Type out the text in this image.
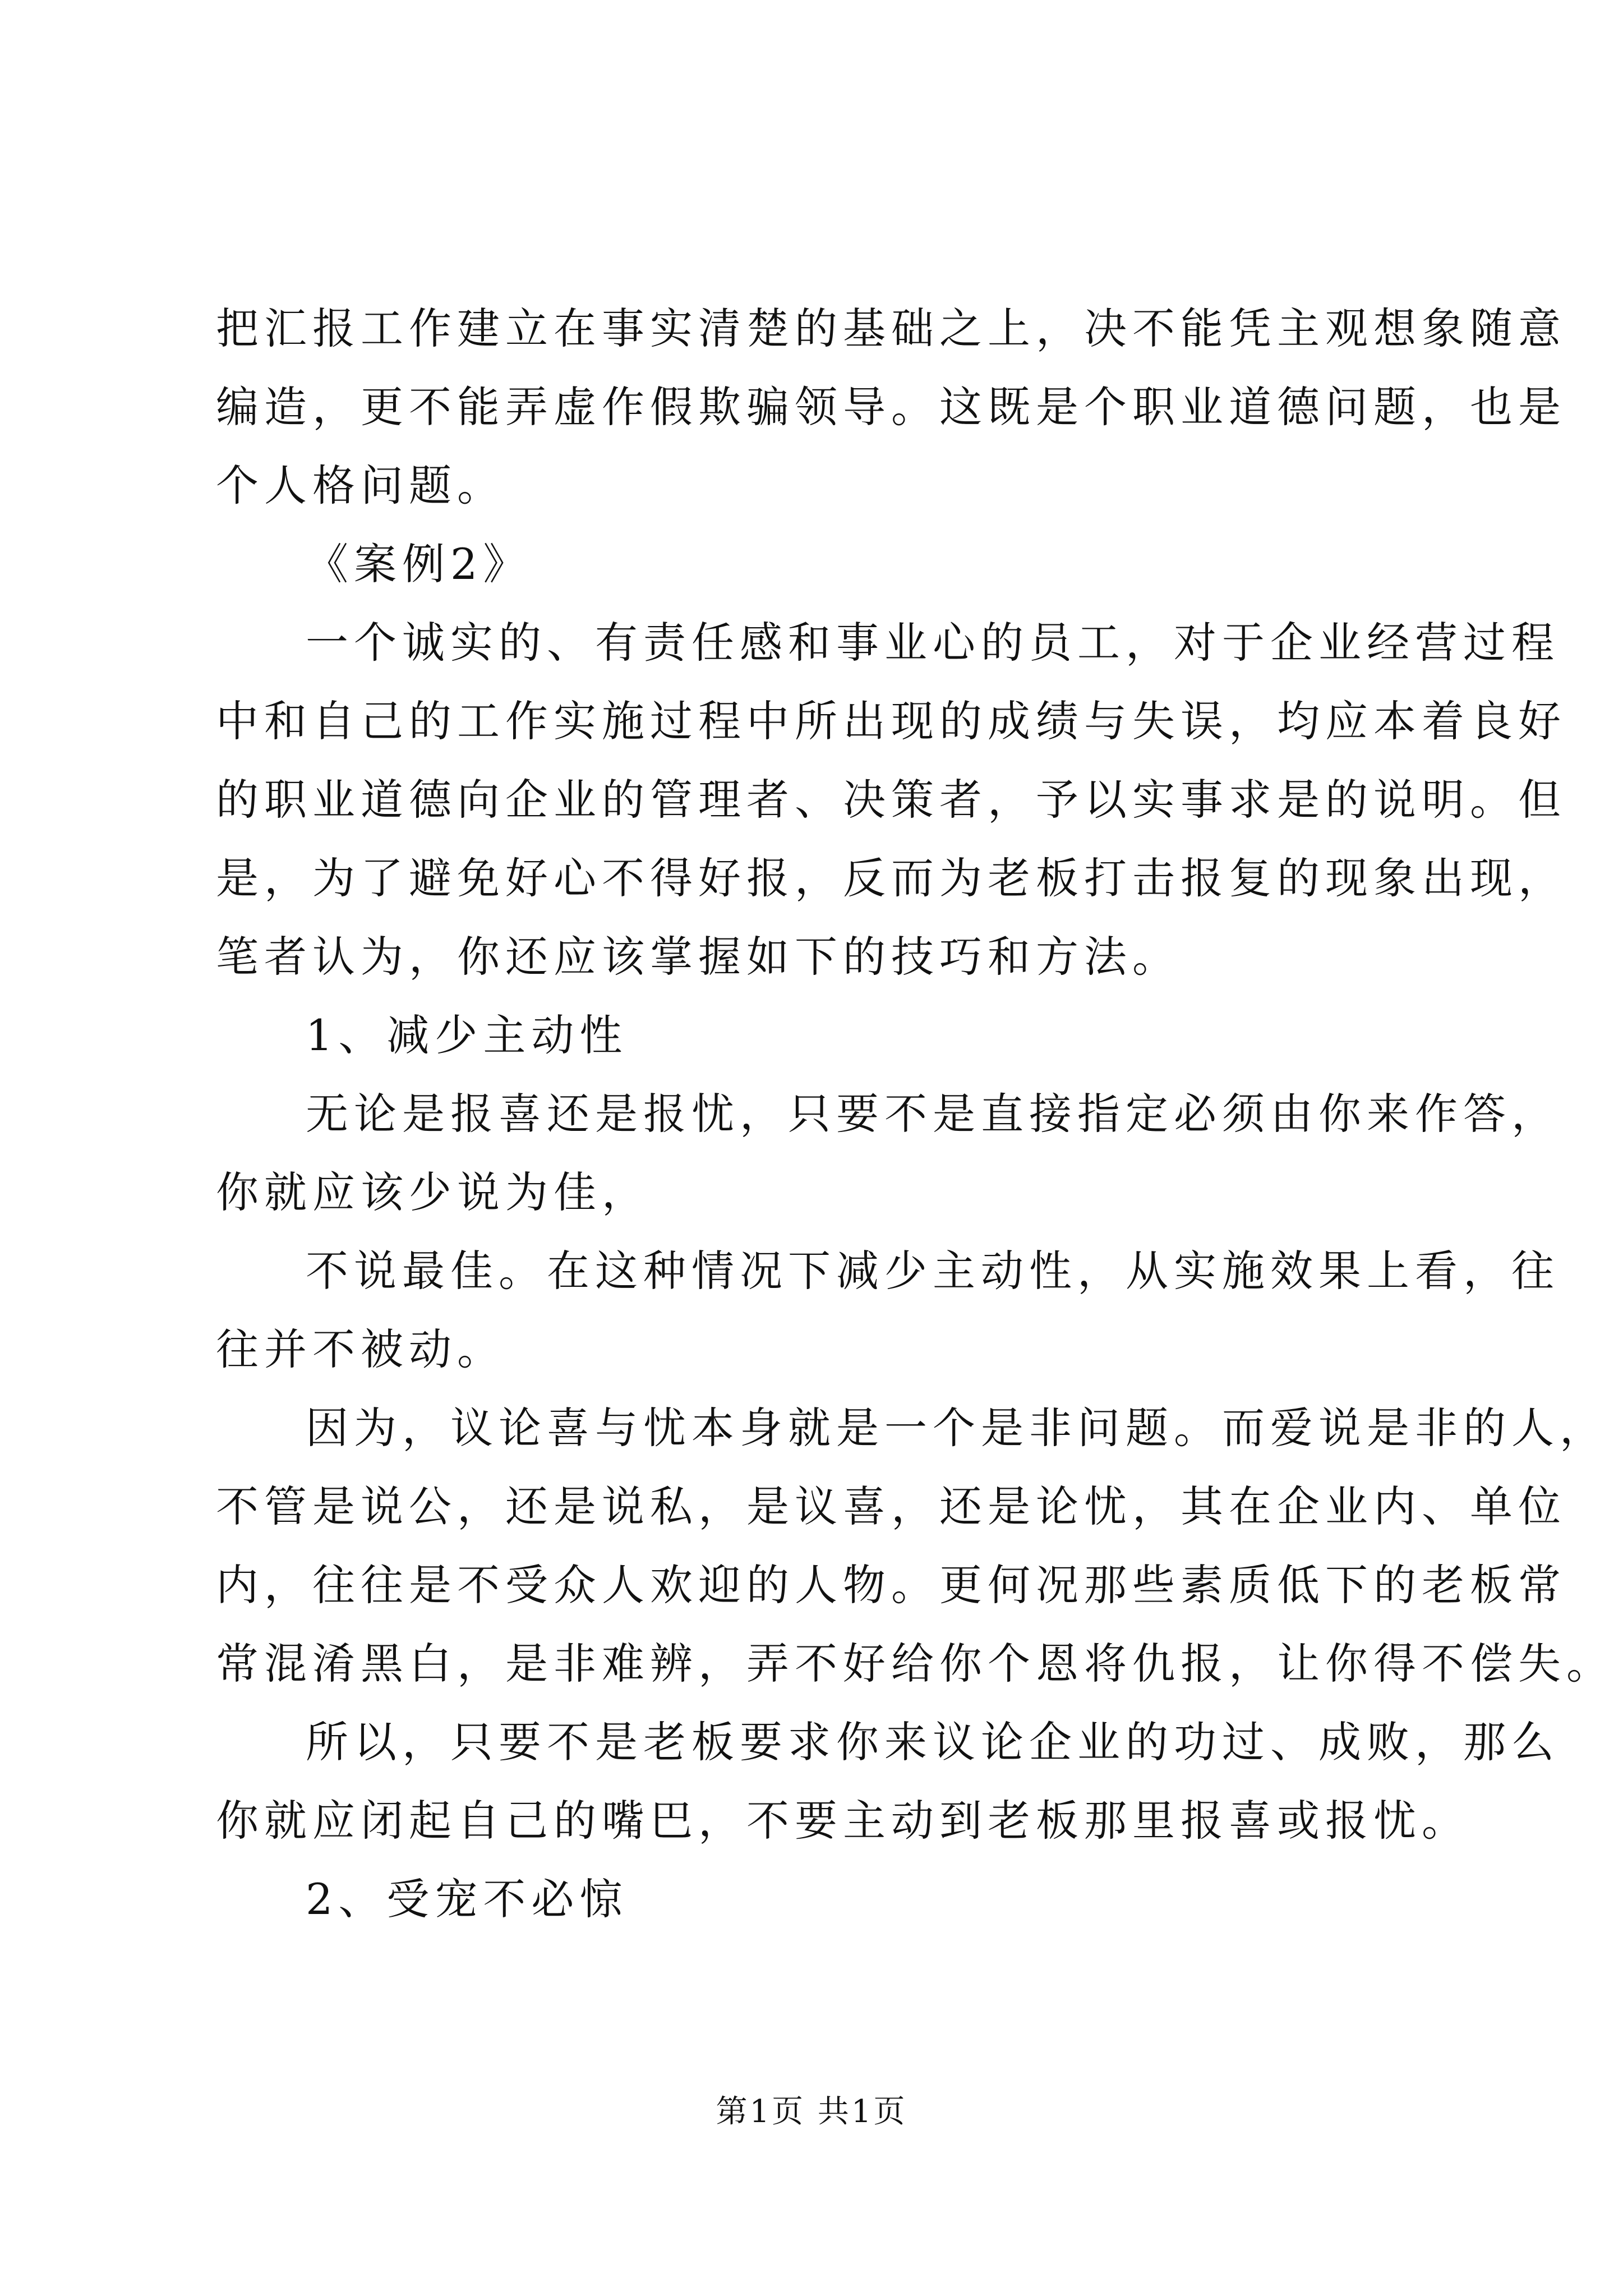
把汇报工作建立在事实清楚的基础之上，决不能凭主观想象随意
编造，更不能弄虚作假欺骗领导。这既是个职业道德问题，也是
个人格问题。
《案例2》
一个诚实的、有责任感和事业心的员工，对于企业经营过程
中和自己的工作实施过程中所出现的成绩与失误，均应本着良好
的职业道德向企业的管理者、决策者，予以实事求是的说明。但
是，为了避免好心不得好报，反而为老板打击报复的现象出现，
笔者认为，你还应该掌握如下的技巧和方法。
1、减少主动性
无论是报喜还是报忧，只要不是直接指定必须由你来作答，
你就应该少说为佳，
不说最佳。在这种情况下减少主动性，从实施效果上看，往
往并不被动。
因为，议论喜与忧本身就是一个是非问题。而爱说是非的人，
不管是说公，还是说私，是议喜，还是论忧，其在企业内、单位
内，往往是不受众人欢迎的人物。更何况那些素质低下的老板常
常混淆黑白，是非难辨，弄不好给你个恩将仇报，让你得不偿失。
所以，只要不是老板要求你来议论企业的功过、成败，那么
你就应闭起自己的嘴巴，不要主动到老板那里报喜或报忧。
2、受宠不必惊
第1页 共1页
